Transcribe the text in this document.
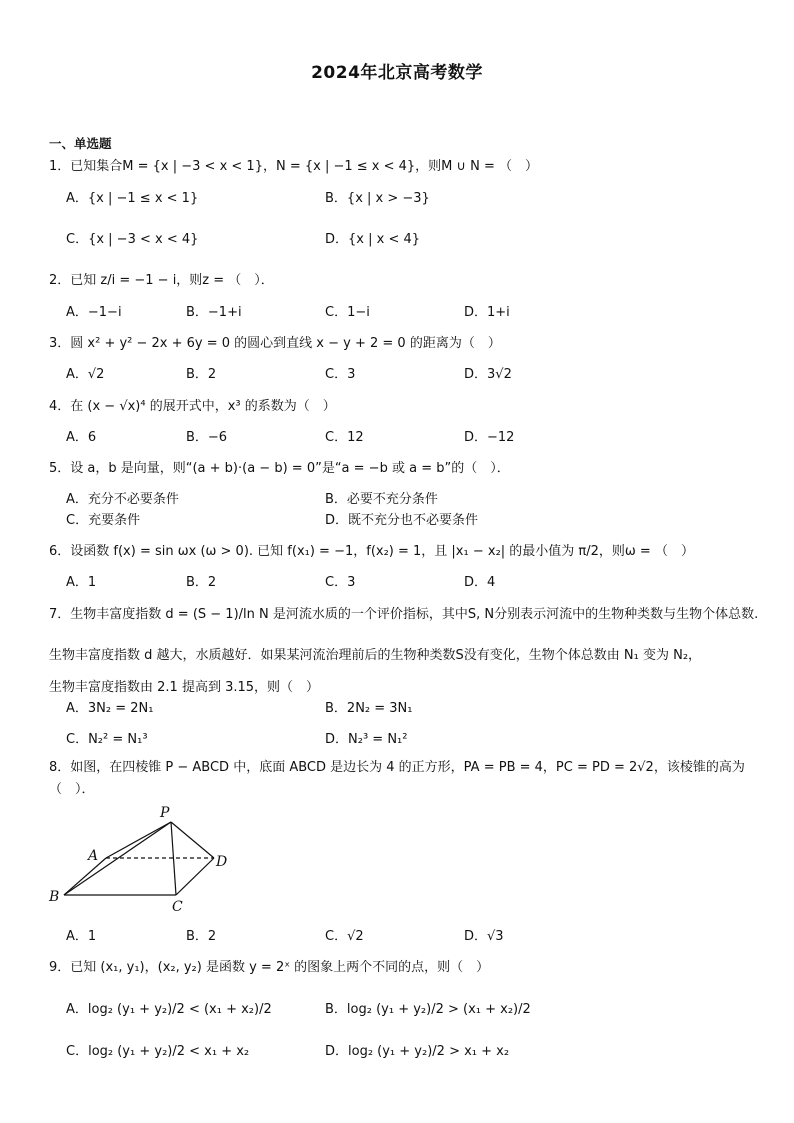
2024年北京高考数学
一、单选题
1．已知集合M = {x | −3 < x < 1}，N = {x | −1 ≤ x < 4}，则M ∪ N = （　）
A．{x | −1 ≤ x < 1}	B．{x | x > −3}
C．{x | −3 < x < 4}	D．{x | x < 4}
2．已知 z/i = −1 − i，则z = （　）．
A．−1−i	B．−1+i	C．1−i	D．1+i
3．圆 x² + y² − 2x + 6y = 0 的圆心到直线 x − y + 2 = 0 的距离为（　）
A．√2	B．2	C．3	D．3√2
4．在 (x − √x)⁴ 的展开式中，x³ 的系数为（　）
A．6	B．−6	C．12	D．−12
5．设 a，b 是向量，则“(a + b)·(a − b) = 0”是“a = −b 或 a = b”的（　）．
A．充分不必要条件	B．必要不充分条件
C．充要条件	D．既不充分也不必要条件
6．设函数 f(x) = sin ωx (ω > 0). 已知 f(x₁) = −1，f(x₂) = 1，且 |x₁ − x₂| 的最小值为 π/2，则ω = （　）
A．1	B．2	C．3	D．4
7．生物丰富度指数 d = (S − 1)/ln N 是河流水质的一个评价指标，其中S, N分别表示河流中的生物种类数与生物个体总数.
生物丰富度指数 d 越大，水质越好．如果某河流治理前后的生物种类数S没有变化，生物个体总数由 N₁ 变为 N₂，
生物丰富度指数由 2.1 提高到 3.15，则（　）
A．3N₂ = 2N₁	B．2N₂ = 3N₁
C．N₂² = N₁³	D．N₂³ = N₁²
8．如图，在四棱锥 P − ABCD 中，底面 ABCD 是边长为 4 的正方形，PA = PB = 4，PC = PD = 2√2，该棱锥的高为（　）．
P
A
B
C
D
A．1	B．2	C．√2	D．√3
9．已知 (x₁, y₁)，(x₂, y₂) 是函数 y = 2ˣ 的图象上两个不同的点，则（　）
A．log₂ (y₁ + y₂)/2 < (x₁ + x₂)/2	B．log₂ (y₁ + y₂)/2 > (x₁ + x₂)/2
C．log₂ (y₁ + y₂)/2 < x₁ + x₂	D．log₂ (y₁ + y₂)/2 > x₁ + x₂
